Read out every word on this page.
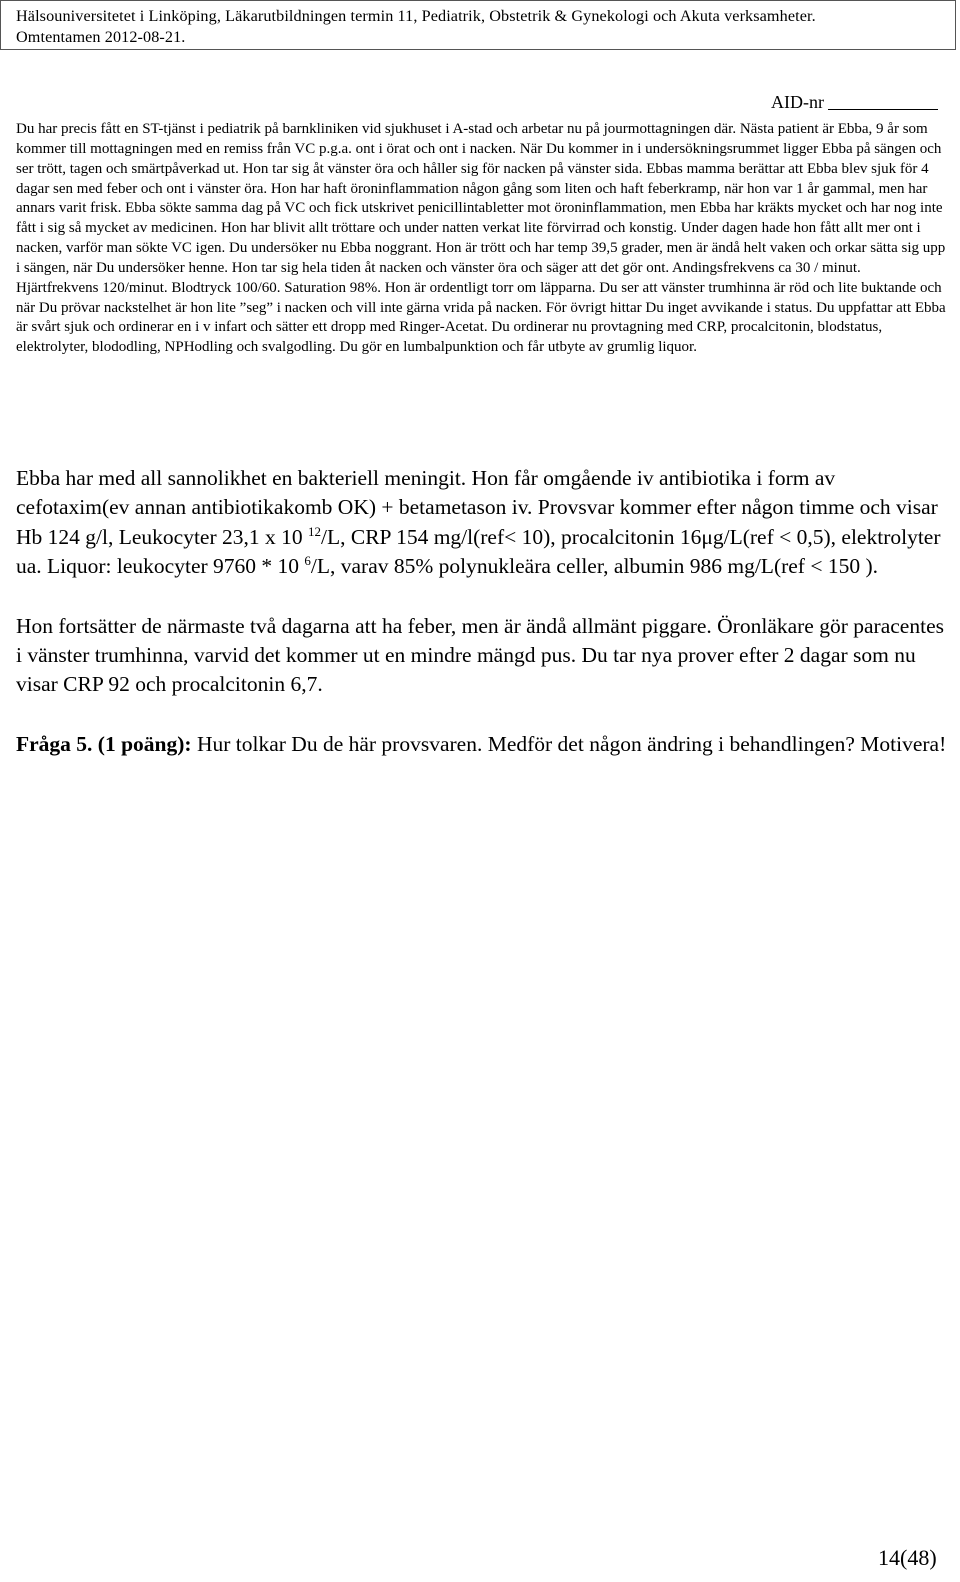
Hälsouniversitetet i Linköping, Läkarutbildningen termin 11, Pediatrik, Obstetrik & Gynekologi och Akuta verksamheter.
Omtentamen 2012-08-21.
AID-nr

Du har precis fått en ST-tjänst i pediatrik på barnkliniken vid sjukhuset i A-stad och arbetar nu på jourmottagningen där. Nästa patient är Ebba, 9 år som kommer till mottagningen med en remiss från VC p.g.a. ont i örat och ont i nacken. När Du kommer in i undersökningsrummet ligger Ebba på sängen och ser trött, tagen och smärtpåverkad ut. Hon tar sig åt vänster öra och håller sig för nacken på vänster sida. Ebbas mamma berättar att Ebba blev sjuk för 4 dagar sen med feber och ont i vänster öra. Hon har haft öroninflammation någon gång som liten och haft feberkramp, när hon var 1 år gammal, men har annars varit frisk. Ebba sökte samma dag på VC och fick utskrivet penicillintabletter mot öroninflammation, men Ebba har kräkts mycket och har nog inte fått i sig så mycket av medicinen. Hon har blivit allt tröttare och under natten verkat lite förvirrad och konstig. Under dagen hade hon fått allt mer ont i nacken, varför man sökte VC igen. Du undersöker nu Ebba noggrant. Hon är trött och har temp 39,5 grader, men är ändå helt vaken och orkar sätta sig upp i sängen, när Du undersöker henne. Hon tar sig hela tiden åt nacken och vänster öra och säger att det gör ont. Andingsfrekvens ca 30 / minut. Hjärtfrekvens 120/minut. Blodtryck 100/60. Saturation 98%. Hon är ordentligt torr om läpparna. Du ser att vänster trumhinna är röd och lite buktande och när Du prövar nackstelhet är hon lite ”seg” i nacken och vill inte gärna vrida på nacken. För övrigt hittar Du inget avvikande i status. Du uppfattar att Ebba är svårt sjuk och ordinerar en i v infart och sätter ett dropp med Ringer-Acetat. Du ordinerar nu provtagning med CRP, procalcitonin, blodstatus, elektrolyter, blododling, NPHodling och svalgodling. Du gör en lumbalpunktion och får utbyte av grumlig liquor.

Ebba har med all sannolikhet en bakteriell meningit. Hon får omgående iv antibiotika i form av cefotaxim(ev annan antibiotikakomb OK) + betametason iv. Provsvar kommer efter någon timme och visar Hb 124 g/l, Leukocyter 23,1 x 10 $^{12}$/L, CRP 154 mg/l(ref< 10), procalcitonin 16μg/L(ref < 0,5), elektrolyter ua. Liquor: leukocyter 9760 * 10 $^6$/L, varav 85% polynukleära celler, albumin 986 mg/L(ref < 150 ).

Hon fortsätter de närmaste två dagarna att ha feber, men är ändå allmänt piggare. Öronläkare gör paracentes i vänster trumhinna, varvid det kommer ut en mindre mängd pus. Du tar nya prover efter 2 dagar som nu visar CRP 92 och procalcitonin 6,7.

Fråga 5. (1 poäng): Hur tolkar Du de här provsvaren. Medför det någon ändring i behandlingen? Motivera!

14(48)
